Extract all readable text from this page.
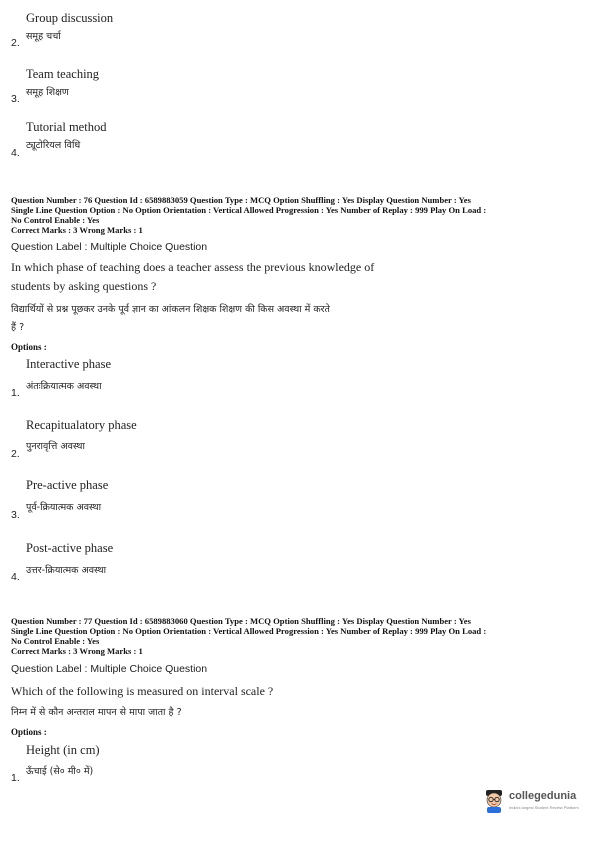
Group discussion
समूह चर्चा
2.
Team teaching
समूह शिक्षण
3.
Tutorial method
ट्यूटोरियल विधि
4.
Question Number : 76 Question Id : 6589883059 Question Type : MCQ Option Shuffling : Yes Display Question Number : Yes
Single Line Question Option : No Option Orientation : Vertical Allowed Progression : Yes Number of Replay : 999 Play On Load :
No Control Enable : Yes
Correct Marks : 3 Wrong Marks : 1
Question Label : Multiple Choice Question
In which phase of teaching does a teacher assess the previous knowledge of
students by asking questions ?
विद्यार्थियों से प्रश्न पूछकर उनके पूर्व ज्ञान का आंकलन शिक्षक शिक्षण की किस अवस्था में करते
हैं ?
Options :
Interactive phase
अंतःक्रियात्मक अवस्था
1.
Recapitualatory phase
पुनरावृत्ति अवस्था
2.
Pre-active phase
पूर्व-क्रियात्मक अवस्था
3.
Post-active phase
उत्तर-क्रियात्मक अवस्था
4.
Question Number : 77 Question Id : 6589883060 Question Type : MCQ Option Shuffling : Yes Display Question Number : Yes
Single Line Question Option : No Option Orientation : Vertical Allowed Progression : Yes Number of Replay : 999 Play On Load :
No Control Enable : Yes
Correct Marks : 3 Wrong Marks : 1
Question Label : Multiple Choice Question
Which of the following is measured on interval scale ?
निम्न में से कौन अन्तराल मापन से मापा जाता है ?
Options :
Height (in cm)
ऊँचाई (से० मी० में)
1.
collegedunia
India's largest Student Review Platform
